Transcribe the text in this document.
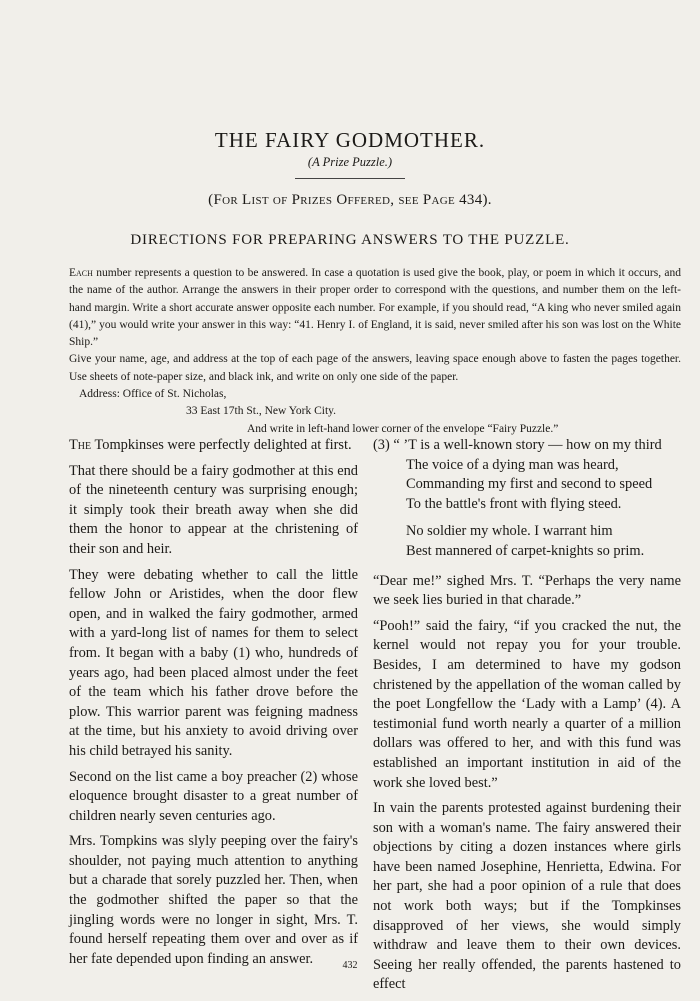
THE FAIRY GODMOTHER.
(A Prize Puzzle.)
(For List of Prizes Offered, see Page 434).
DIRECTIONS FOR PREPARING ANSWERS TO THE PUZZLE.

Each number represents a question to be answered. In case a quotation is used give the book, play, or poem in which it occurs, and the name of the author. Arrange the answers in their proper order to correspond with the questions, and number them on the left-hand margin. Write a short accurate answer opposite each number. For example, if you should read, “A king who never smiled again (41),” you would write your answer in this way: “41. Henry I. of England, it is said, never smiled after his son was lost on the White Ship.”

Give your name, age, and address at the top of each page of the answers, leaving space enough above to fasten the pages together. Use sheets of note-paper size, and black ink, and write on only one side of the paper.

Address: Office of St. Nicholas,

33 East 17th St., New York City.

And write in left-hand lower corner of the envelope “Fairy Puzzle.”

The Tompkinses were perfectly delighted at first.

That there should be a fairy godmother at this end of the nineteenth century was surprising enough; it simply took their breath away when she did them the honor to appear at the christening of their son and heir.

They were debating whether to call the little fellow John or Aristides, when the door flew open, and in walked the fairy godmother, armed with a yard-long list of names for them to select from. It began with a baby (1) who, hundreds of years ago, had been placed almost under the feet of the team which his father drove before the plow. This warrior parent was feigning madness at the time, but his anxiety to avoid driving over his child betrayed his sanity.

Second on the list came a boy preacher (2) whose eloquence brought disaster to a great number of children nearly seven centuries ago.

Mrs. Tompkins was slyly peeping over the fairy's shoulder, not paying much attention to anything but a charade that sorely puzzled her. Then, when the godmother shifted the paper so that the jingling words were no longer in sight, Mrs. T. found herself repeating them over and over as if her fate depended upon finding an answer.

(3) “ ’T is a well-known story — how on my third
The voice of a dying man was heard,
Commanding my first and second to speed
To the battle's front with flying steed.
No soldier my whole. I warrant him
Best mannered of carpet-knights so prim.

“Dear me!” sighed Mrs. T. “Perhaps the very name we seek lies buried in that charade.”

“Pooh!” said the fairy, “if you cracked the nut, the kernel would not repay you for your trouble. Besides, I am determined to have my godson christened by the appellation of the woman called by the poet Longfellow the ‘Lady with a Lamp’ (4). A testimonial fund worth nearly a quarter of a million dollars was offered to her, and with this fund was established an important institution in aid of the work she loved best.”

In vain the parents protested against burdening their son with a woman's name. The fairy answered their objections by citing a dozen instances where girls have been named Josephine, Henrietta, Edwina. For her part, she had a poor opinion of a rule that does not work both ways; but if the Tompkinses disapproved of her views, she would simply withdraw and leave them to their own devices. Seeing her really offended, the parents hastened to effect

432
